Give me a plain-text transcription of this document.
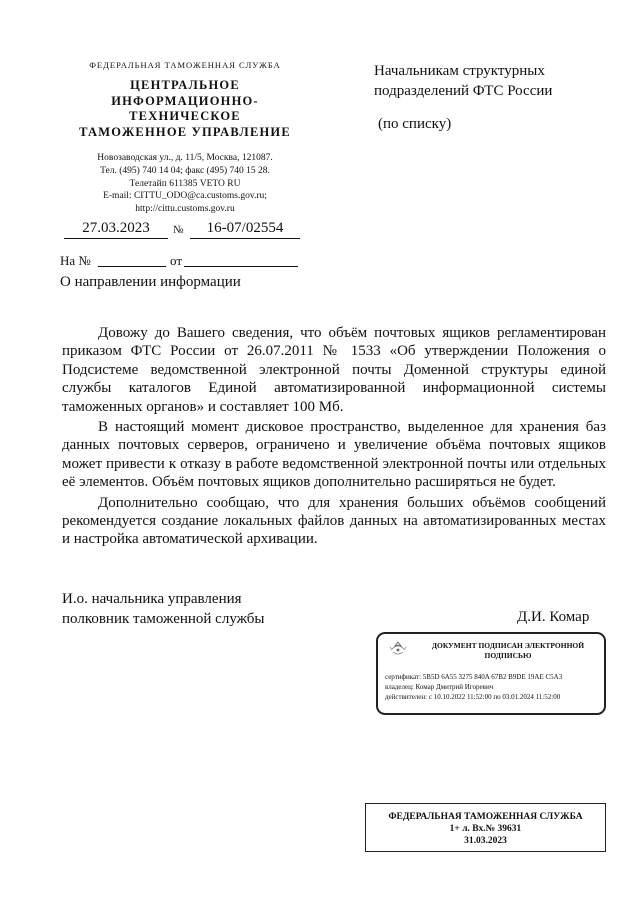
ФЕДЕРАЛЬНАЯ ТАМОЖЕННАЯ СЛУЖБА
ЦЕНТРАЛЬНОЕ
ИНФОРМАЦИОННО-
ТЕХНИЧЕСКОЕ
ТАМОЖЕННОЕ УПРАВЛЕНИЕ
Новозаводская ул., д. 11/5, Москва, 121087.
Тел. (495) 740 14 04; факс (495) 740 15 28.
Телетайп 611385 VETO RU
E-mail: CITTU_ODO@ca.customs.gov.ru;
http://cittu.customs.gov.ru
27.03.2023	№	16-07/02554
На №	от
О направлении информации
Начальникам структурных
подразделений ФТС России
(по списку)

Довожу до Вашего сведения, что объём почтовых ящиков регламентирован приказом ФТС России от 26.07.2011 № 1533 «Об утверждении Положения о Подсистеме ведомственной электронной почты Доменной структуры единой службы каталогов Единой автоматизированной информационной системы таможенных органов» и составляет 100 Мб.

В настоящий момент дисковое пространство, выделенное для хранения баз данных почтовых серверов, ограничено и увеличение объёма почтовых ящиков может привести к отказу в работе ведомственной электронной почты или отдельных её элементов. Объём почтовых ящиков дополнительно расширяться не будет.

Дополнительно сообщаю, что для хранения больших объёмов сообщений рекомендуется создание локальных файлов данных на автоматизированных местах и настройка автоматической архивации.

И.о. начальника управления
полковник таможенной службы	Д.И. Комар
ДОКУМЕНТ ПОДПИСАН ЭЛЕКТРОННОЙ
ПОДПИСЬЮ
сертификат: 5B5D 6A55 3275 840A 67B2 B9DE 19AE C5A3
владелец: Комар Дмитрий Игоревич
действителен: с 10.10.2022 11:52:00 по 03.01.2024 11:52:00
ФЕДЕРАЛЬНАЯ ТАМОЖЕННАЯ СЛУЖБА
1+ л. Вх.№ 39631
31.03.2023
